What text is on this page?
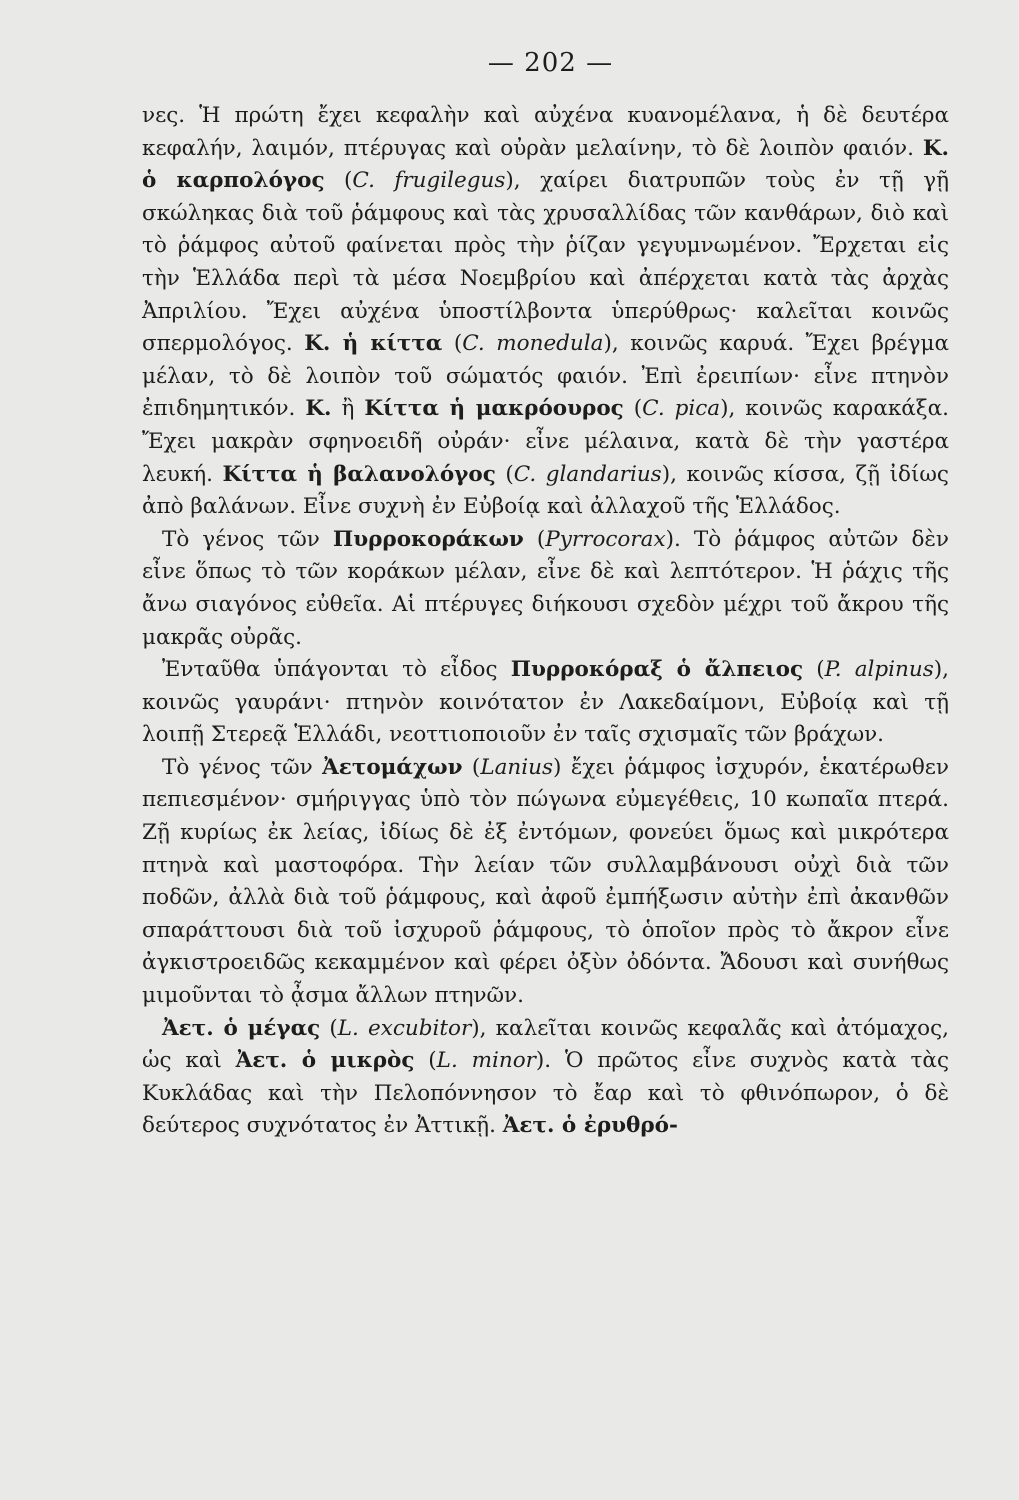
— 202 —

νες. Ἡ πρώτη ἔχει κεφαλὴν καὶ αὐχένα κυανομέλανα, ἡ δὲ δευτέρα κεφαλήν, λαιμόν, πτέρυγας καὶ οὐρὰν μελαίνην, τὸ δὲ λοιπὸν φαιόν. Κ. ὁ καρπολόγος (C. frugilegus), χαίρει διατρυπῶν τοὺς ἐν τῇ γῇ σκώληκας διὰ τοῦ ῥάμφους καὶ τὰς χρυσαλλίδας τῶν κανθάρων, διὸ καὶ τὸ ῥάμφος αὐτοῦ φαίνεται πρὸς τὴν ῥίζαν γεγυμνωμένον. Ἔρχεται εἰς τὴν Ἑλλάδα περὶ τὰ μέσα Νοεμβρίου καὶ ἀπέρχεται κατὰ τὰς ἀρχὰς Ἀπριλίου. Ἔχει αὐχένα ὑποστίλβοντα ὑπερύθρως· καλεῖται κοινῶς σπερμολόγος. Κ. ἡ κίττα (C. monedula), κοινῶς καρυά. Ἔχει βρέγμα μέλαν, τὸ δὲ λοιπὸν τοῦ σώματός φαιόν. Ἐπὶ ἐρειπίων· εἶνε πτηνὸν ἐπιδημητικόν. Κ. ἢ Κίττα ἡ μακρόουρος (C. pica), κοινῶς καρακάξα. Ἔχει μακρὰν σφηνοειδῆ οὐράν· εἶνε μέλαινα, κατὰ δὲ τὴν γαστέρα λευκή. Κίττα ἡ βαλανολόγος (C. glandarius), κοινῶς κίσσα, ζῇ ἰδίως ἀπὸ βαλάνων. Εἶνε συχνὴ ἐν Εὐβοίᾳ καὶ ἀλλαχοῦ τῆς Ἑλλάδος.

Τὸ γένος τῶν Πυρροκοράκων (Pyrrocorax). Τὸ ῥάμφος αὐτῶν δὲν εἶνε ὅπως τὸ τῶν κοράκων μέλαν, εἶνε δὲ καὶ λεπτότερον. Ἡ ῥάχις τῆς ἄνω σιαγόνος εὐθεῖα. Αἱ πτέρυγες διήκουσι σχεδὸν μέχρι τοῦ ἄκρου τῆς μακρᾶς οὐρᾶς.

Ἐνταῦθα ὑπάγονται τὸ εἶδος Πυρροκόραξ ὁ ἄλπειος (P. alpinus), κοινῶς γαυράνι· πτηνὸν κοινότατον ἐν Λακεδαίμονι, Εὐβοίᾳ καὶ τῇ λοιπῇ Στερεᾷ Ἑλλάδι, νεοττιοποιοῦν ἐν ταῖς σχισμαῖς τῶν βράχων.

Τὸ γένος τῶν Ἀετομάχων (Lanius) ἔχει ῥάμφος ἰσχυρόν, ἑκατέρωθεν πεπιεσμένον· σμήριγγας ὑπὸ τὸν πώγωνα εὐμεγέθεις, 10 κωπαῖα πτερά. Ζῇ κυρίως ἐκ λείας, ἰδίως δὲ ἐξ ἐντόμων, φονεύει ὅμως καὶ μικρότερα πτηνὰ καὶ μαστοφόρα. Τὴν λείαν τῶν συλλαμβάνουσι οὐχὶ διὰ τῶν ποδῶν, ἀλλὰ διὰ τοῦ ῥάμφους, καὶ ἀφοῦ ἐμπήξωσιν αὐτὴν ἐπὶ ἀκανθῶν σπαράττουσι διὰ τοῦ ἰσχυροῦ ῥάμφους, τὸ ὁποῖον πρὸς τὸ ἄκρον εἶνε ἀγκιστροειδῶς κεκαμμένον καὶ φέρει ὀξὺν ὀδόντα. Ἄδουσι καὶ συνήθως μιμοῦνται τὸ ᾆσμα ἄλλων πτηνῶν.

Ἀετ. ὁ μέγας (L. excubitor), καλεῖται κοινῶς κεφαλᾶς καὶ ἀτόμαχος, ὡς καὶ Ἀετ. ὁ μικρὸς (L. minor). Ὁ πρῶτος εἶνε συχνὸς κατὰ τὰς Κυκλάδας καὶ τὴν Πελοπόννησον τὸ ἔαρ καὶ τὸ φθινόπωρον, ὁ δὲ δεύτερος συχνότατος ἐν Ἀττικῇ. Ἀετ. ὁ ἐρυθρό-
